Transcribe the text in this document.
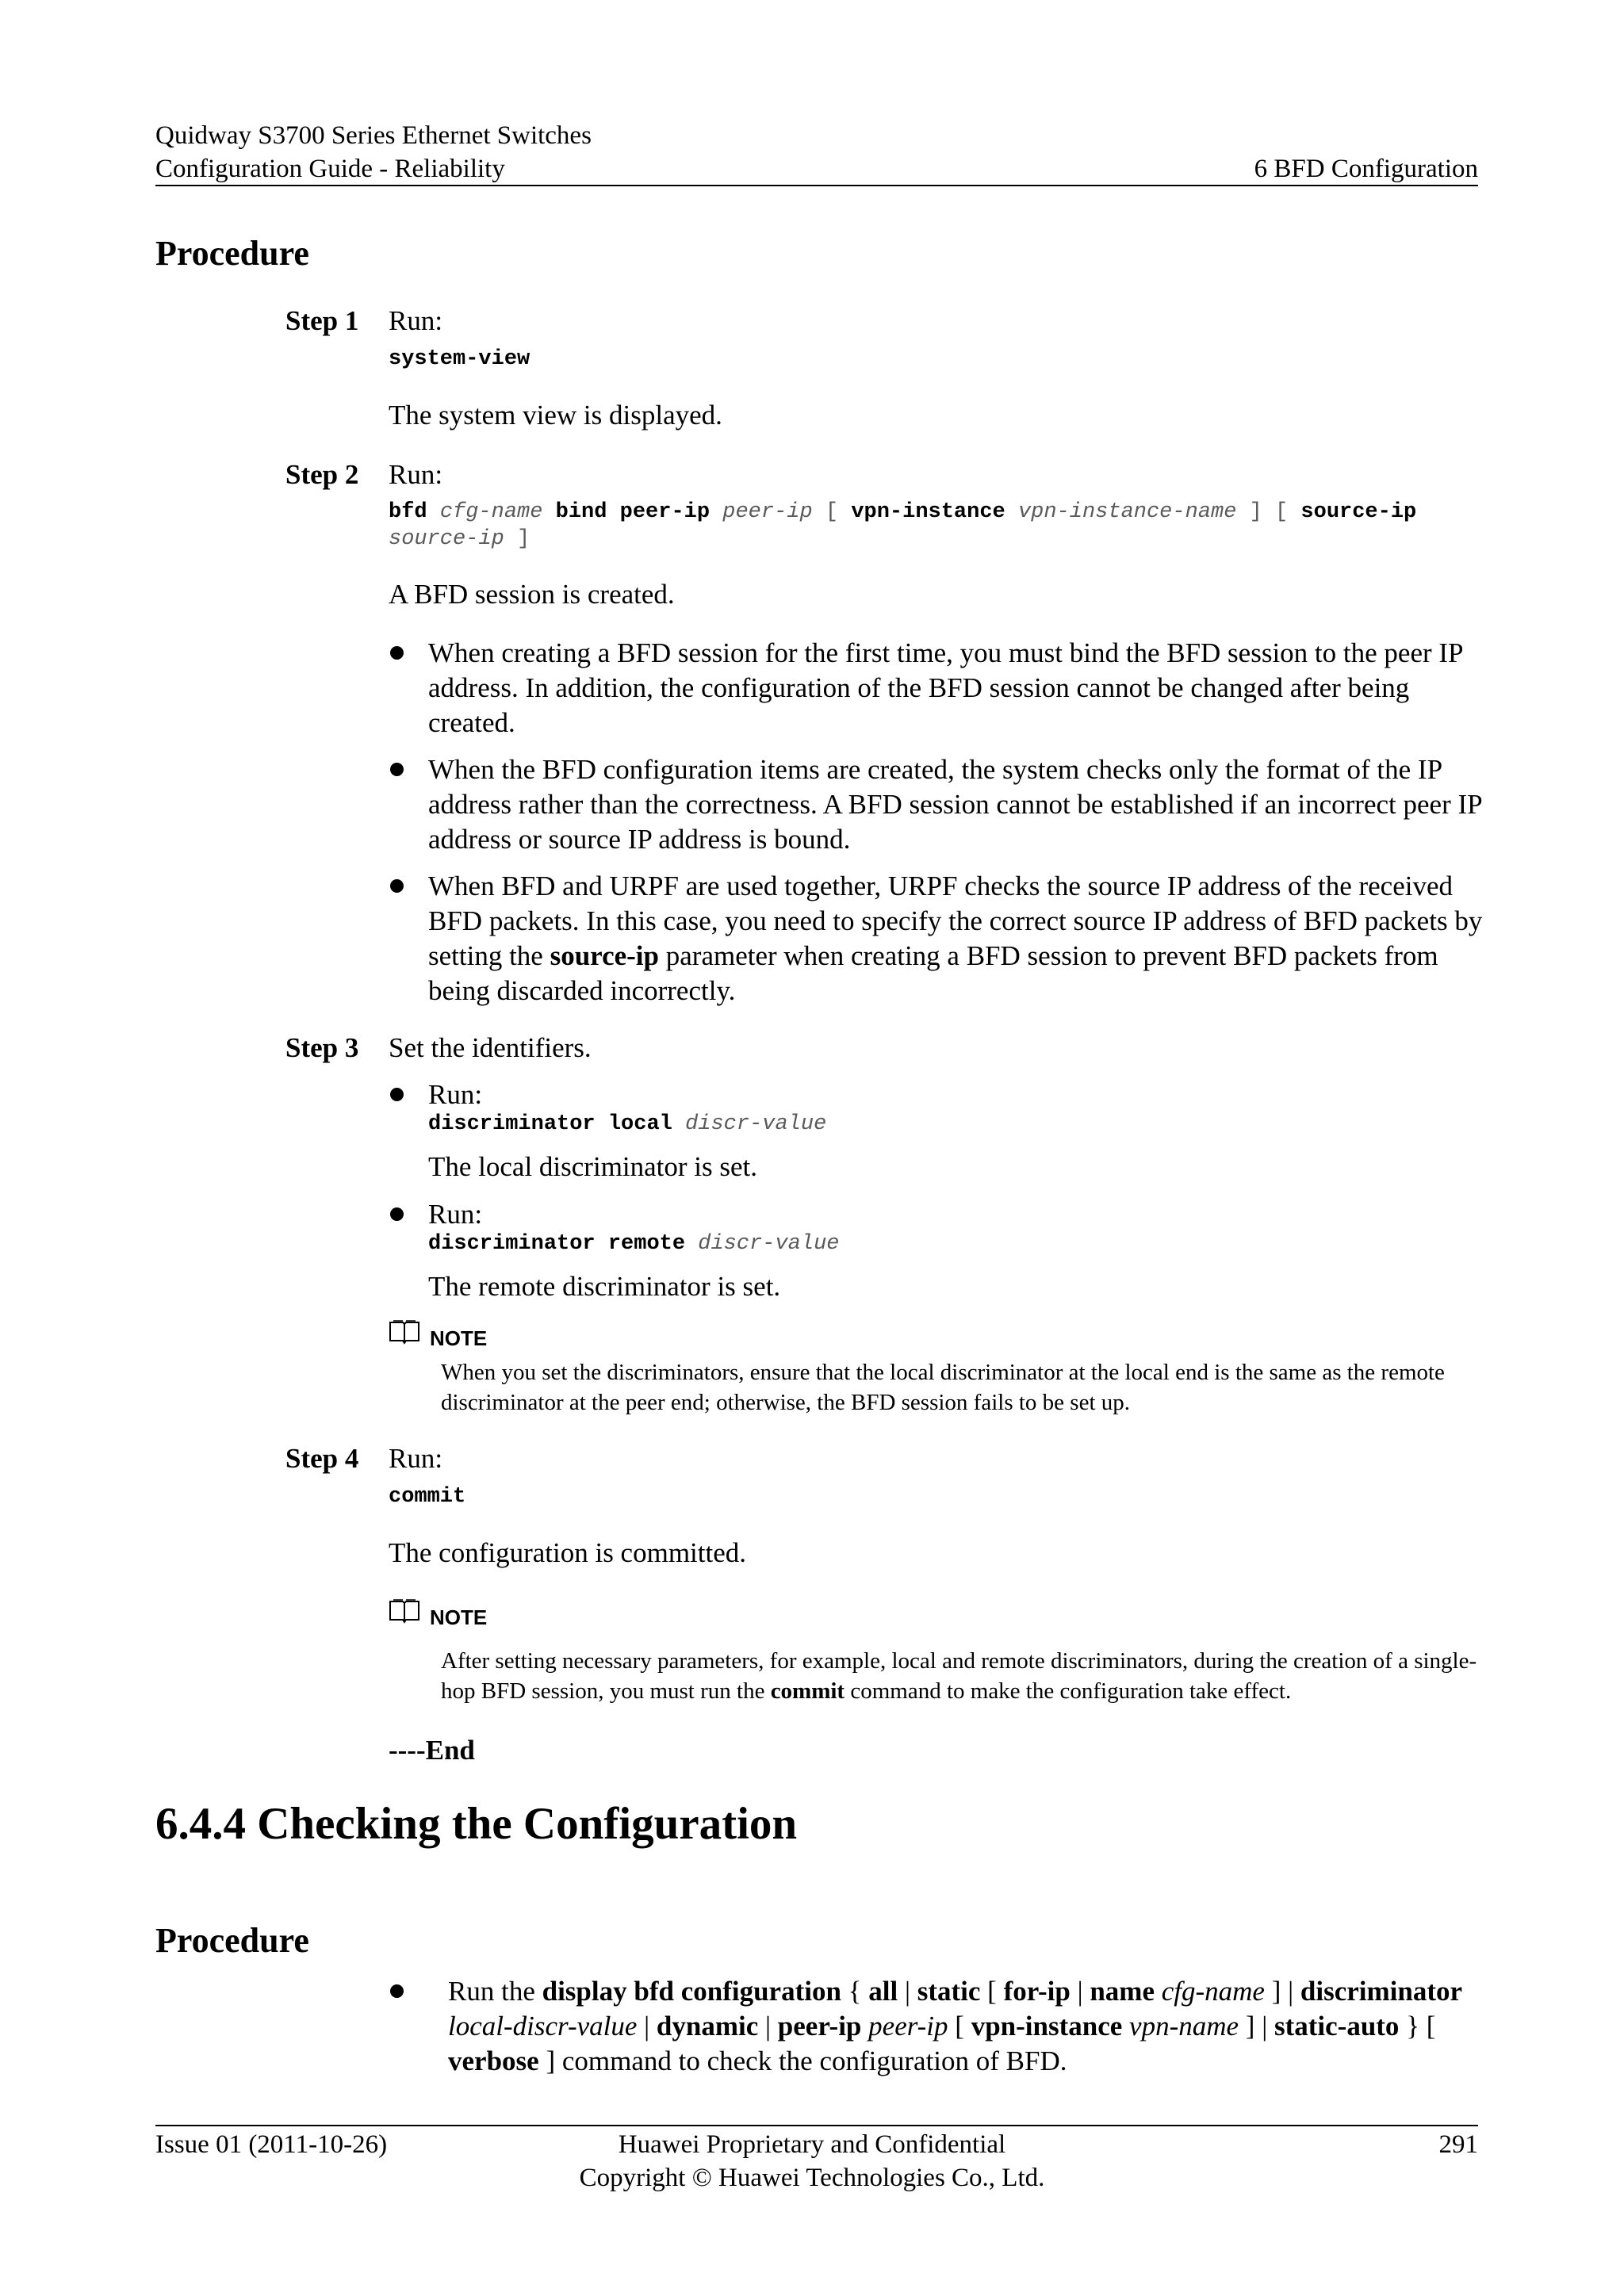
Quidway S3700 Series Ethernet Switches
Configuration Guide - Reliability	6 BFD Configuration
Procedure
Step 1 Run:
system-view
The system view is displayed.
Step 2 Run:
bfd cfg-name bind peer-ip peer-ip [ vpn-instance vpn-instance-name ] [ source-ip
source-ip ]
A BFD session is created.
When creating a BFD session for the first time, you must bind the BFD session to the peer IP address. In addition, the configuration of the BFD session cannot be changed after being created.
When the BFD configuration items are created, the system checks only the format of the IP address rather than the correctness. A BFD session cannot be established if an incorrect peer IP address or source IP address is bound.
When BFD and URPF are used together, URPF checks the source IP address of the received BFD packets. In this case, you need to specify the correct source IP address of BFD packets by setting the source-ip parameter when creating a BFD session to prevent BFD packets from being discarded incorrectly.
Step 3 Set the identifiers.
Run:
discriminator local discr-value
The local discriminator is set.
Run:
discriminator remote discr-value
The remote discriminator is set.
NOTE
When you set the discriminators, ensure that the local discriminator at the local end is the same as the remote discriminator at the peer end; otherwise, the BFD session fails to be set up.
Step 4 Run:
commit
The configuration is committed.
NOTE
After setting necessary parameters, for example, local and remote discriminators, during the creation of a single-hop BFD session, you must run the commit command to make the configuration take effect.
----End
6.4.4 Checking the Configuration
Procedure
Run the display bfd configuration { all | static [ for-ip | name cfg-name ] | discriminator local-discr-value | dynamic | peer-ip peer-ip [ vpn-instance vpn-name ] | static-auto } [ verbose ] command to check the configuration of BFD.
Issue 01 (2011-10-26)	Huawei Proprietary and Confidential
Copyright © Huawei Technologies Co., Ltd.
291
